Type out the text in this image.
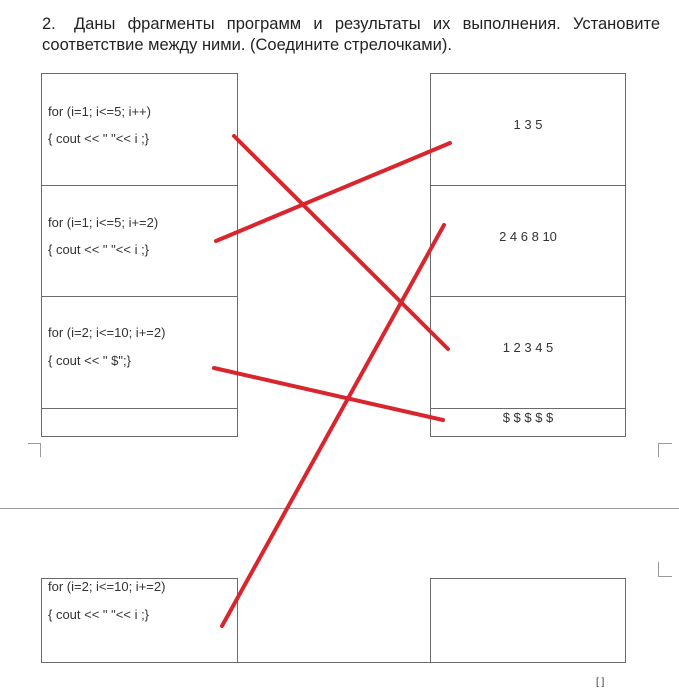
2. Даны фрагменты программ и результаты их выполнения. Установите соответствие между ними. (Соедините стрелочками).
for (i=1; i<=5; i++)
{ cout << " "<< i ;}
for (i=1; i<=5; i+=2)
{ cout << " "<< i ;}
for (i=2; i<=10; i+=2)
{ cout << " $";}
1 3 5
2 4 6 8 10
1 2 3 4 5
$ $ $ $ $
for (i=2; i<=10; i+=2)
{ cout << " "<< i ;}
[ ]
